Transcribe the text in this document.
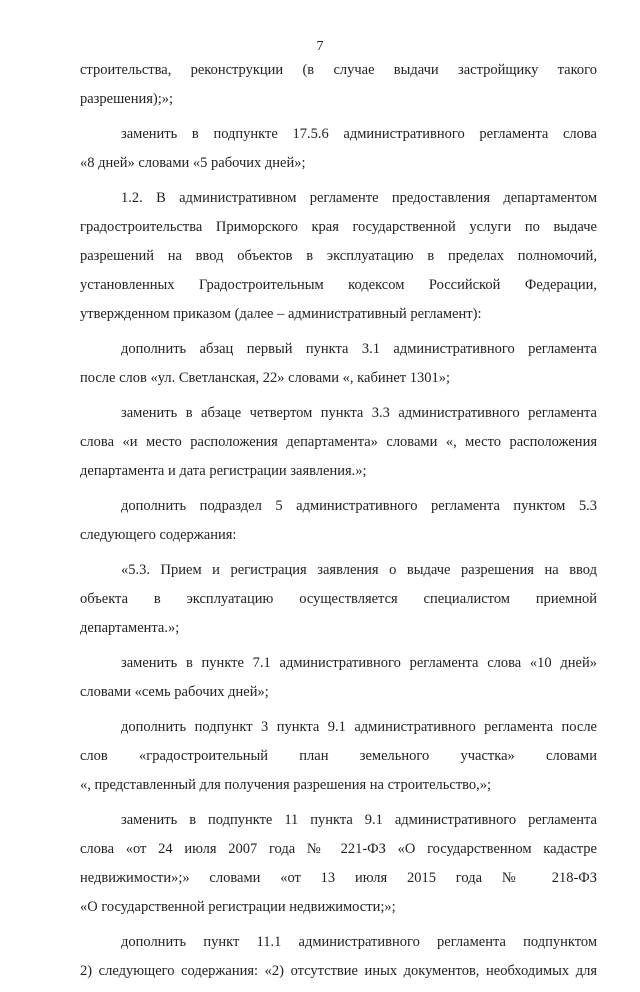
7
строительства, реконструкции (в случае выдачи застройщику такого
разрешения);»;
заменить в подпункте 17.5.6 административного регламента слова
«8 дней» словами «5 рабочих дней»;
1.2. В административном регламенте предоставления департаментом
градостроительства Приморского края государственной услуги по выдаче
разрешений на ввод объектов в эксплуатацию в пределах полномочий,
установленных Градостроительным кодексом Российской Федерации,
утвержденном приказом (далее – административный регламент):
дополнить абзац первый пункта 3.1 административного регламента
после слов «ул. Светланская, 22» словами «, кабинет 1301»;
заменить в абзаце четвертом пункта 3.3 административного регламента
слова «и место расположения департамента» словами «, место расположения
департамента и дата регистрации заявления.»;
дополнить подраздел 5 административного регламента пунктом 5.3
следующего содержания:
«5.3. Прием и регистрация заявления о выдаче разрешения на ввод
объекта в эксплуатацию осуществляется специалистом приемной
департамента.»;
заменить в пункте 7.1 административного регламента слова «10 дней»
словами «семь рабочих дней»;
дополнить подпункт 3 пункта 9.1 административного регламента после
слов «градостроительный план земельного участка» словами
«, представленный для получения разрешения на строительство,»;
заменить в подпункте 11 пункта 9.1 административного регламента
слова «от 24 июля 2007 года № 221-ФЗ «О государственном кадастре
недвижимости»;» словами «от 13 июля 2015 года № 218-ФЗ
«О государственной регистрации недвижимости;»;
дополнить пункт 11.1 административного регламента подпунктом
2) следующего содержания: «2) отсутствие иных документов, необходимых для
